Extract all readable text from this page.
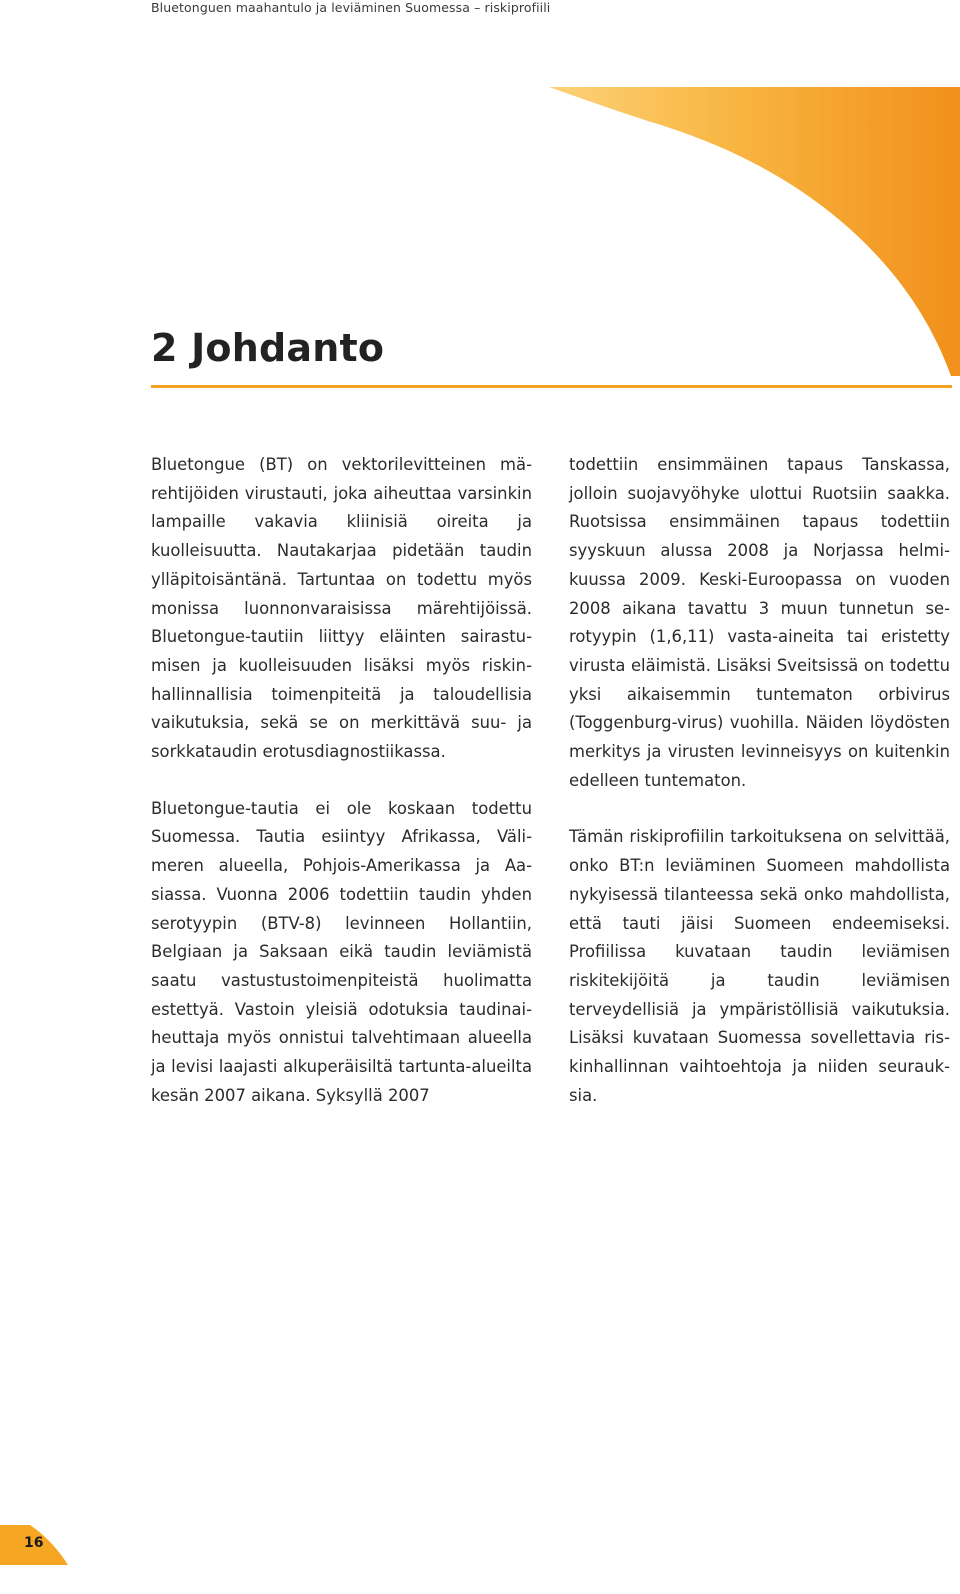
Bluetonguen maahantulo ja leviäminen Suomessa – riskiprofiili
2 Johdanto

Bluetongue (BT) on vektorilevitteinen märehtijöiden virustauti, joka aiheuttaa varsinkin lampaille vakavia kliinisiä oireita ja kuolleisuutta. Nautakarjaa pidetään taudin ylläpitoisäntänä. Tartuntaa on todettu myös monissa luonnonvaraisissa märehtijöissä. Bluetongue-tautiin liittyy eläinten sairastumisen ja kuolleisuuden lisäksi myös riskinhallinnallisia toimenpiteitä ja taloudellisia vaikutuksia, sekä se on merkittävä suu- ja sorkkataudin erotusdiagnostiikassa.

Bluetongue-tautia ei ole koskaan todettu Suomessa. Tautia esiintyy Afrikassa, Välimeren alueella, Pohjois-Amerikassa ja Aasiassa. Vuonna 2006 todettiin taudin yhden serotyypin (BTV-8) levinneen Hollantiin, Belgiaan ja Saksaan eikä taudin leviämistä saatu vastustustoimenpiteistä huolimatta estettyä. Vastoin yleisiä odotuksia taudinaiheuttaja myös onnistui talvehtimaan alueella ja levisi laajasti alkuperäisiltä tartunta-alueilta kesän 2007 aikana. Syksyllä 2007

todettiin ensimmäinen tapaus Tanskassa, jolloin suojavyöhyke ulottui Ruotsiin saakka. Ruotsissa ensimmäinen tapaus todettiin syyskuun alussa 2008 ja Norjassa helmikuussa 2009. Keski-Euroopassa on vuoden 2008 aikana tavattu 3 muun tunnetun serotyypin (1,6,11) vasta-aineita tai eristetty virusta eläimistä. Lisäksi Sveitsissä on todettu yksi aikaisemmin tuntematon orbivirus (Toggenburg-virus) vuohilla. Näiden löydösten merkitys ja virusten levinneisyys on kuitenkin edelleen tuntematon.

Tämän riskiprofiilin tarkoituksena on selvittää, onko BT:n leviäminen Suomeen mahdollista nykyisessä tilanteessa sekä onko mahdollista, että tauti jäisi Suomeen endeemiseksi. Profiilissa kuvataan taudin leviämisen riskitekijöitä ja taudin leviämisen terveydellisiä ja ympäristöllisiä vaikutuksia. Lisäksi kuvataan Suomessa sovellettavia riskinhallinnan vaihtoehtoja ja niiden seurauksia.

16
